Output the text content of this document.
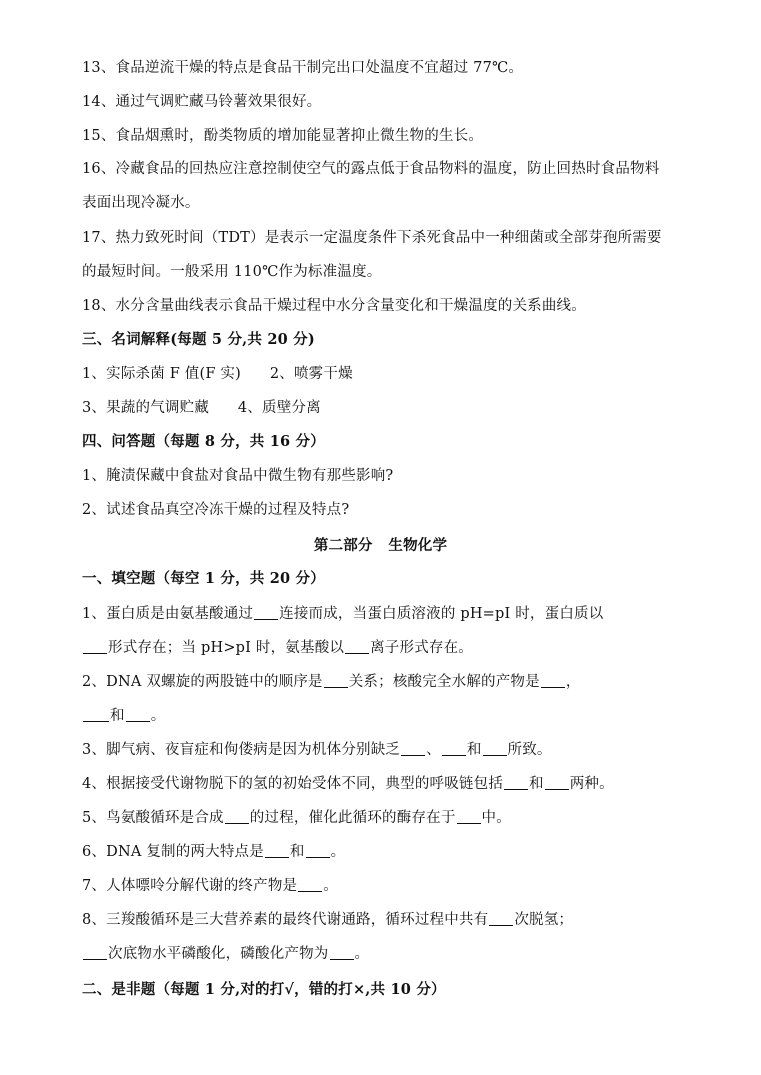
13、食品逆流干燥的特点是食品干制完出口处温度不宜超过 77℃。
14、通过气调贮藏马铃薯效果很好。
15、食品烟熏时，酚类物质的增加能显著抑止微生物的生长。
16、冷藏食品的回热应注意控制使空气的露点低于食品物料的温度，防止回热时食品物料
表面出现冷凝水。
17、热力致死时间（TDT）是表示一定温度条件下杀死食品中一种细菌或全部芽孢所需要
的最短时间。一般采用 110℃作为标准温度。
18、水分含量曲线表示食品干燥过程中水分含量变化和干燥温度的关系曲线。
三、名词解释(每题 5 分,共 20 分)
1、实际杀菌 F 值(F 实)      2、喷雾干燥
3、果蔬的气调贮藏      4、质壁分离
四、问答题（每题 8 分，共 16 分）
1、腌渍保藏中食盐对食品中微生物有那些影响?
2、试述食品真空冷冻干燥的过程及特点?
第二部分   生物化学
一、填空题（每空 1 分，共 20 分）
1、蛋白质是由氨基酸通过 连接而成，当蛋白质溶液的 pH=pI 时，蛋白质以
形式存在；当 pH>pI 时，氨基酸以 离子形式存在。
2、DNA 双螺旋的两股链中的顺序是 关系；核酸完全水解的产物是 ，
和 。
3、脚气病、夜盲症和佝偻病是因为机体分别缺乏 、 和 所致。
4、根据接受代谢物脱下的氢的初始受体不同，典型的呼吸链包括 和 两种。
5、鸟氨酸循环是合成 的过程，催化此循环的酶存在于 中。
6、DNA 复制的两大特点是 和 。
7、人体嘌呤分解代谢的终产物是 。
8、三羧酸循环是三大营养素的最终代谢通路，循环过程中共有 次脱氢；
次底物水平磷酸化，磷酸化产物为 。
二、是非题（每题 1 分,对的打√，错的打×,共 10 分）
